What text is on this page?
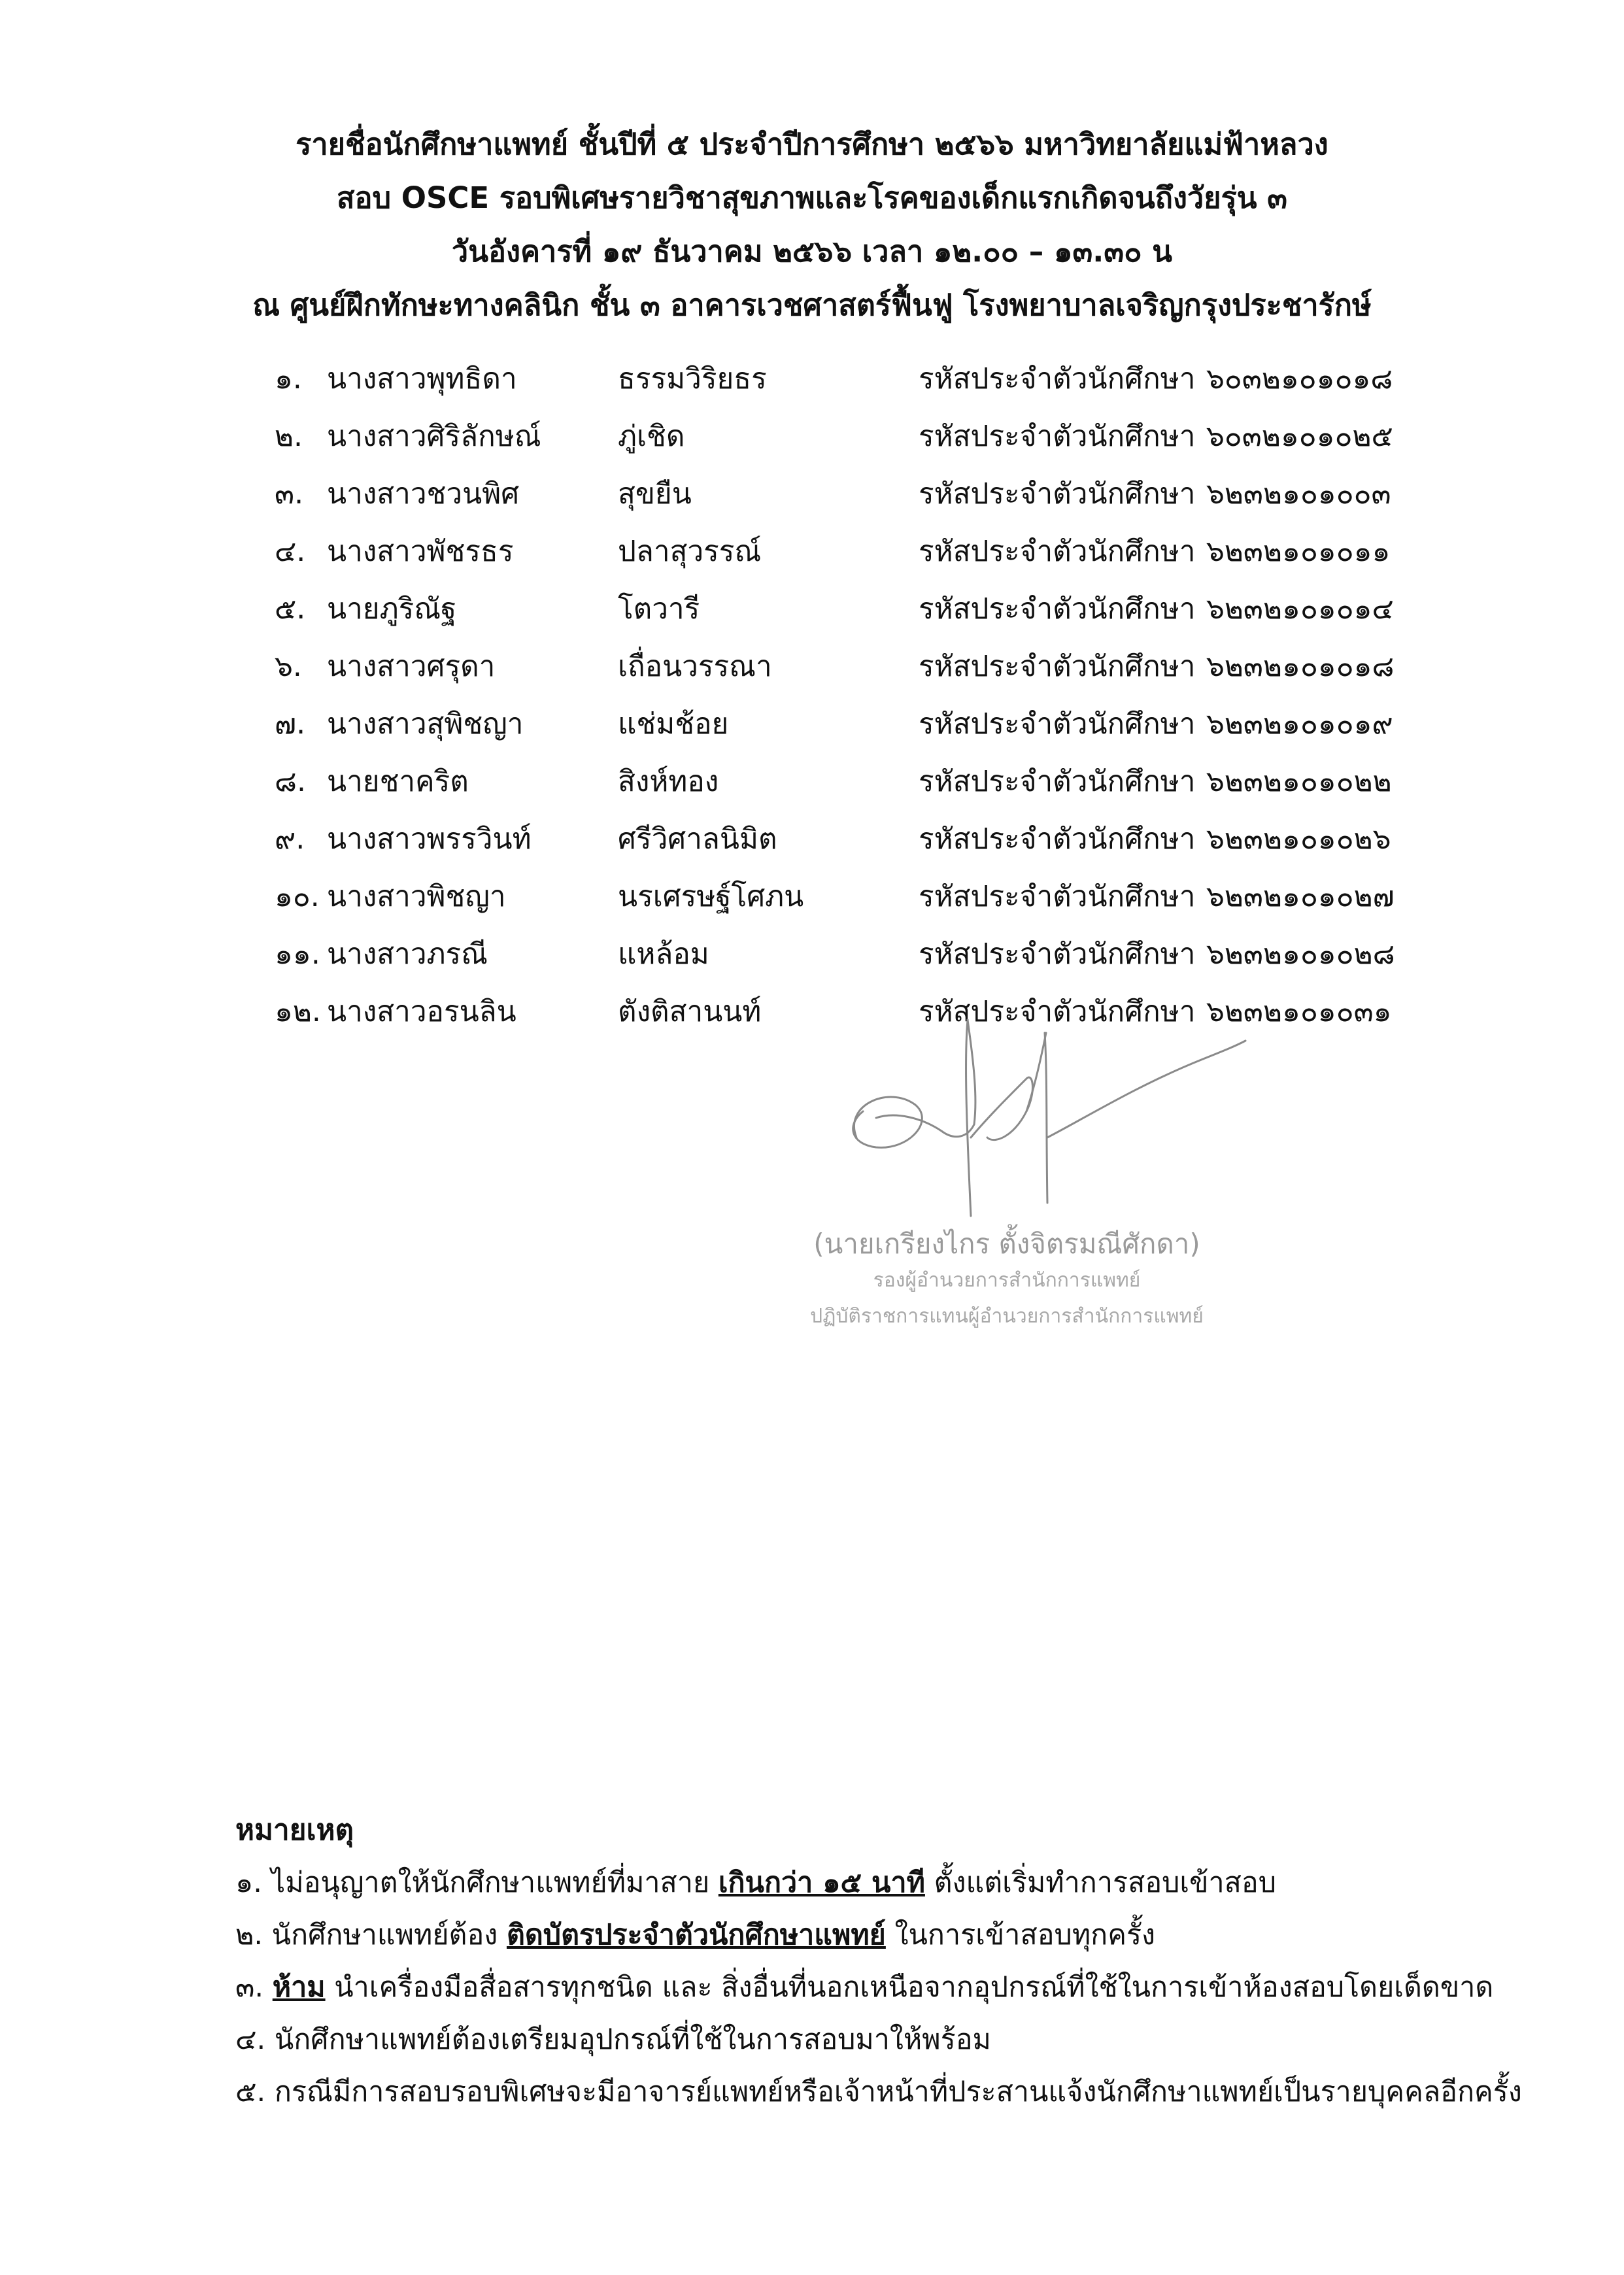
รายชื่อนักศึกษาแพทย์ ชั้นปีที่ ๕ ประจำปีการศึกษา ๒๕๖๖ มหาวิทยาลัยแม่ฟ้าหลวง
สอบ OSCE รอบพิเศษรายวิชาสุขภาพและโรคของเด็กแรกเกิดจนถึงวัยรุ่น ๓
วันอังคารที่ ๑๙ ธันวาคม ๒๕๖๖ เวลา ๑๒.๐๐ – ๑๓.๓๐ น
ณ ศูนย์ฝึกทักษะทางคลินิก ชั้น ๓ อาคารเวชศาสตร์ฟื้นฟู โรงพยาบาลเจริญกรุงประชารักษ์
๑. นางสาวพุทธิดา	ธรรมวิริยธร	รหัสประจำตัวนักศึกษา ๖๐๓๒๑๐๑๐๑๘
๒. นางสาวศิริลักษณ์	ภู่เชิด	รหัสประจำตัวนักศึกษา ๖๐๓๒๑๐๑๐๒๕
๓. นางสาวชวนพิศ	สุขยืน	รหัสประจำตัวนักศึกษา ๖๒๓๒๑๐๑๐๐๓
๔. นางสาวพัชรธร	ปลาสุวรรณ์	รหัสประจำตัวนักศึกษา ๖๒๓๒๑๐๑๐๑๑
๕. นายภูริณัฐ	โตวารี	รหัสประจำตัวนักศึกษา ๖๒๓๒๑๐๑๐๑๔
๖. นางสาวศรุดา	เถื่อนวรรณา	รหัสประจำตัวนักศึกษา ๖๒๓๒๑๐๑๐๑๘
๗. นางสาวสุพิชญา	แช่มช้อย	รหัสประจำตัวนักศึกษา ๖๒๓๒๑๐๑๐๑๙
๘. นายชาคริต	สิงห์ทอง	รหัสประจำตัวนักศึกษา ๖๒๓๒๑๐๑๐๒๒
๙. นางสาวพรรวินท์	ศรีวิศาลนิมิต	รหัสประจำตัวนักศึกษา ๖๒๓๒๑๐๑๐๒๖
๑๐. นางสาวพิชญา	นรเศรษฐ์โศภน	รหัสประจำตัวนักศึกษา ๖๒๓๒๑๐๑๐๒๗
๑๑. นางสาวภรณี	แหล้อม	รหัสประจำตัวนักศึกษา ๖๒๓๒๑๐๑๐๒๘
๑๒. นางสาวอรนลิน	ตังติสานนท์	รหัสประจำตัวนักศึกษา ๖๒๓๒๑๐๑๐๓๑
(นายเกรียงไกร ตั้งจิตรมณีศักดา)
รองผู้อำนวยการสำนักการแพทย์
ปฏิบัติราชการแทนผู้อำนวยการสำนักการแพทย์
หมายเหตุ
๑. ไม่อนุญาตให้นักศึกษาแพทย์ที่มาสาย เกินกว่า ๑๕ นาที ตั้งแต่เริ่มทำการสอบเข้าสอบ
๒. นักศึกษาแพทย์ต้อง ติดบัตรประจำตัวนักศึกษาแพทย์ ในการเข้าสอบทุกครั้ง
๓. ห้าม นำเครื่องมือสื่อสารทุกชนิด และ สิ่งอื่นที่นอกเหนือจากอุปกรณ์ที่ใช้ในการเข้าห้องสอบโดยเด็ดขาด
๔. นักศึกษาแพทย์ต้องเตรียมอุปกรณ์ที่ใช้ในการสอบมาให้พร้อม
๕. กรณีมีการสอบรอบพิเศษจะมีอาจารย์แพทย์หรือเจ้าหน้าที่ประสานแจ้งนักศึกษาแพทย์เป็นรายบุคคลอีกครั้ง
